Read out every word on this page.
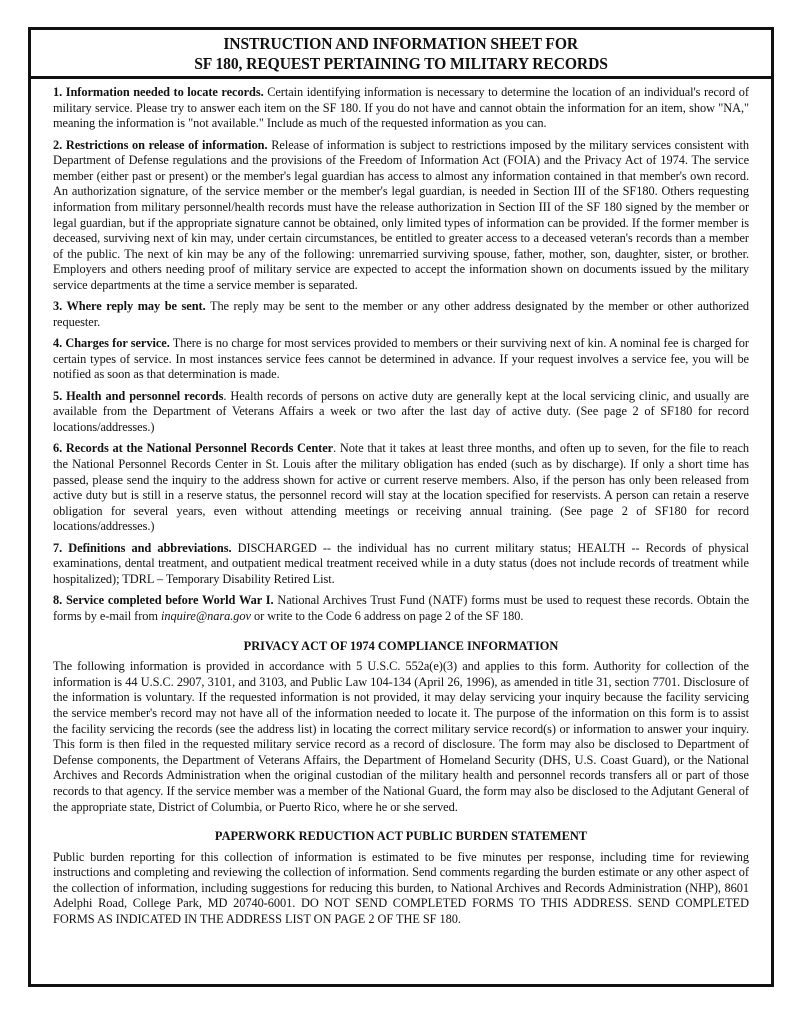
INSTRUCTION AND INFORMATION SHEET FOR
SF 180, REQUEST PERTAINING TO MILITARY RECORDS

1. Information needed to locate records. Certain identifying information is necessary to determine the location of an individual's record of military service. Please try to answer each item on the SF 180. If you do not have and cannot obtain the information for an item, show "NA," meaning the information is "not available." Include as much of the requested information as you can.

2. Restrictions on release of information. Release of information is subject to restrictions imposed by the military services consistent with Department of Defense regulations and the provisions of the Freedom of Information Act (FOIA) and the Privacy Act of 1974. The service member (either past or present) or the member's legal guardian has access to almost any information contained in that member's own record. An authorization signature, of the service member or the member's legal guardian, is needed in Section III of the SF180. Others requesting information from military personnel/health records must have the release authorization in Section III of the SF 180 signed by the member or legal guardian, but if the appropriate signature cannot be obtained, only limited types of information can be provided. If the former member is deceased, surviving next of kin may, under certain circumstances, be entitled to greater access to a deceased veteran's records than a member of the public. The next of kin may be any of the following: unremarried surviving spouse, father, mother, son, daughter, sister, or brother. Employers and others needing proof of military service are expected to accept the information shown on documents issued by the military service departments at the time a service member is separated.

3. Where reply may be sent. The reply may be sent to the member or any other address designated by the member or other authorized requester.

4. Charges for service. There is no charge for most services provided to members or their surviving next of kin. A nominal fee is charged for certain types of service. In most instances service fees cannot be determined in advance. If your request involves a service fee, you will be notified as soon as that determination is made.

5. Health and personnel records. Health records of persons on active duty are generally kept at the local servicing clinic, and usually are available from the Department of Veterans Affairs a week or two after the last day of active duty. (See page 2 of SF180 for record locations/addresses.)

6. Records at the National Personnel Records Center. Note that it takes at least three months, and often up to seven, for the file to reach the National Personnel Records Center in St. Louis after the military obligation has ended (such as by discharge). If only a short time has passed, please send the inquiry to the address shown for active or current reserve members. Also, if the person has only been released from active duty but is still in a reserve status, the personnel record will stay at the location specified for reservists. A person can retain a reserve obligation for several years, even without attending meetings or receiving annual training. (See page 2 of SF180 for record locations/addresses.)

7. Definitions and abbreviations. DISCHARGED -- the individual has no current military status; HEALTH -- Records of physical examinations, dental treatment, and outpatient medical treatment received while in a duty status (does not include records of treatment while hospitalized); TDRL – Temporary Disability Retired List.

8. Service completed before World War I. National Archives Trust Fund (NATF) forms must be used to request these records. Obtain the forms by e-mail from inquire@nara.gov or write to the Code 6 address on page 2 of the SF 180.

PRIVACY ACT OF 1974 COMPLIANCE INFORMATION

The following information is provided in accordance with 5 U.S.C. 552a(e)(3) and applies to this form. Authority for collection of the information is 44 U.S.C. 2907, 3101, and 3103, and Public Law 104-134 (April 26, 1996), as amended in title 31, section 7701. Disclosure of the information is voluntary. If the requested information is not provided, it may delay servicing your inquiry because the facility servicing the service member's record may not have all of the information needed to locate it. The purpose of the information on this form is to assist the facility servicing the records (see the address list) in locating the correct military service record(s) or information to answer your inquiry. This form is then filed in the requested military service record as a record of disclosure. The form may also be disclosed to Department of Defense components, the Department of Veterans Affairs, the Department of Homeland Security (DHS, U.S. Coast Guard), or the National Archives and Records Administration when the original custodian of the military health and personnel records transfers all or part of those records to that agency. If the service member was a member of the National Guard, the form may also be disclosed to the Adjutant General of the appropriate state, District of Columbia, or Puerto Rico, where he or she served.

PAPERWORK REDUCTION ACT PUBLIC BURDEN STATEMENT

Public burden reporting for this collection of information is estimated to be five minutes per response, including time for reviewing instructions and completing and reviewing the collection of information. Send comments regarding the burden estimate or any other aspect of the collection of information, including suggestions for reducing this burden, to National Archives and Records Administration (NHP), 8601 Adelphi Road, College Park, MD 20740-6001. DO NOT SEND COMPLETED FORMS TO THIS ADDRESS. SEND COMPLETED FORMS AS INDICATED IN THE ADDRESS LIST ON PAGE 2 OF THE SF 180.
